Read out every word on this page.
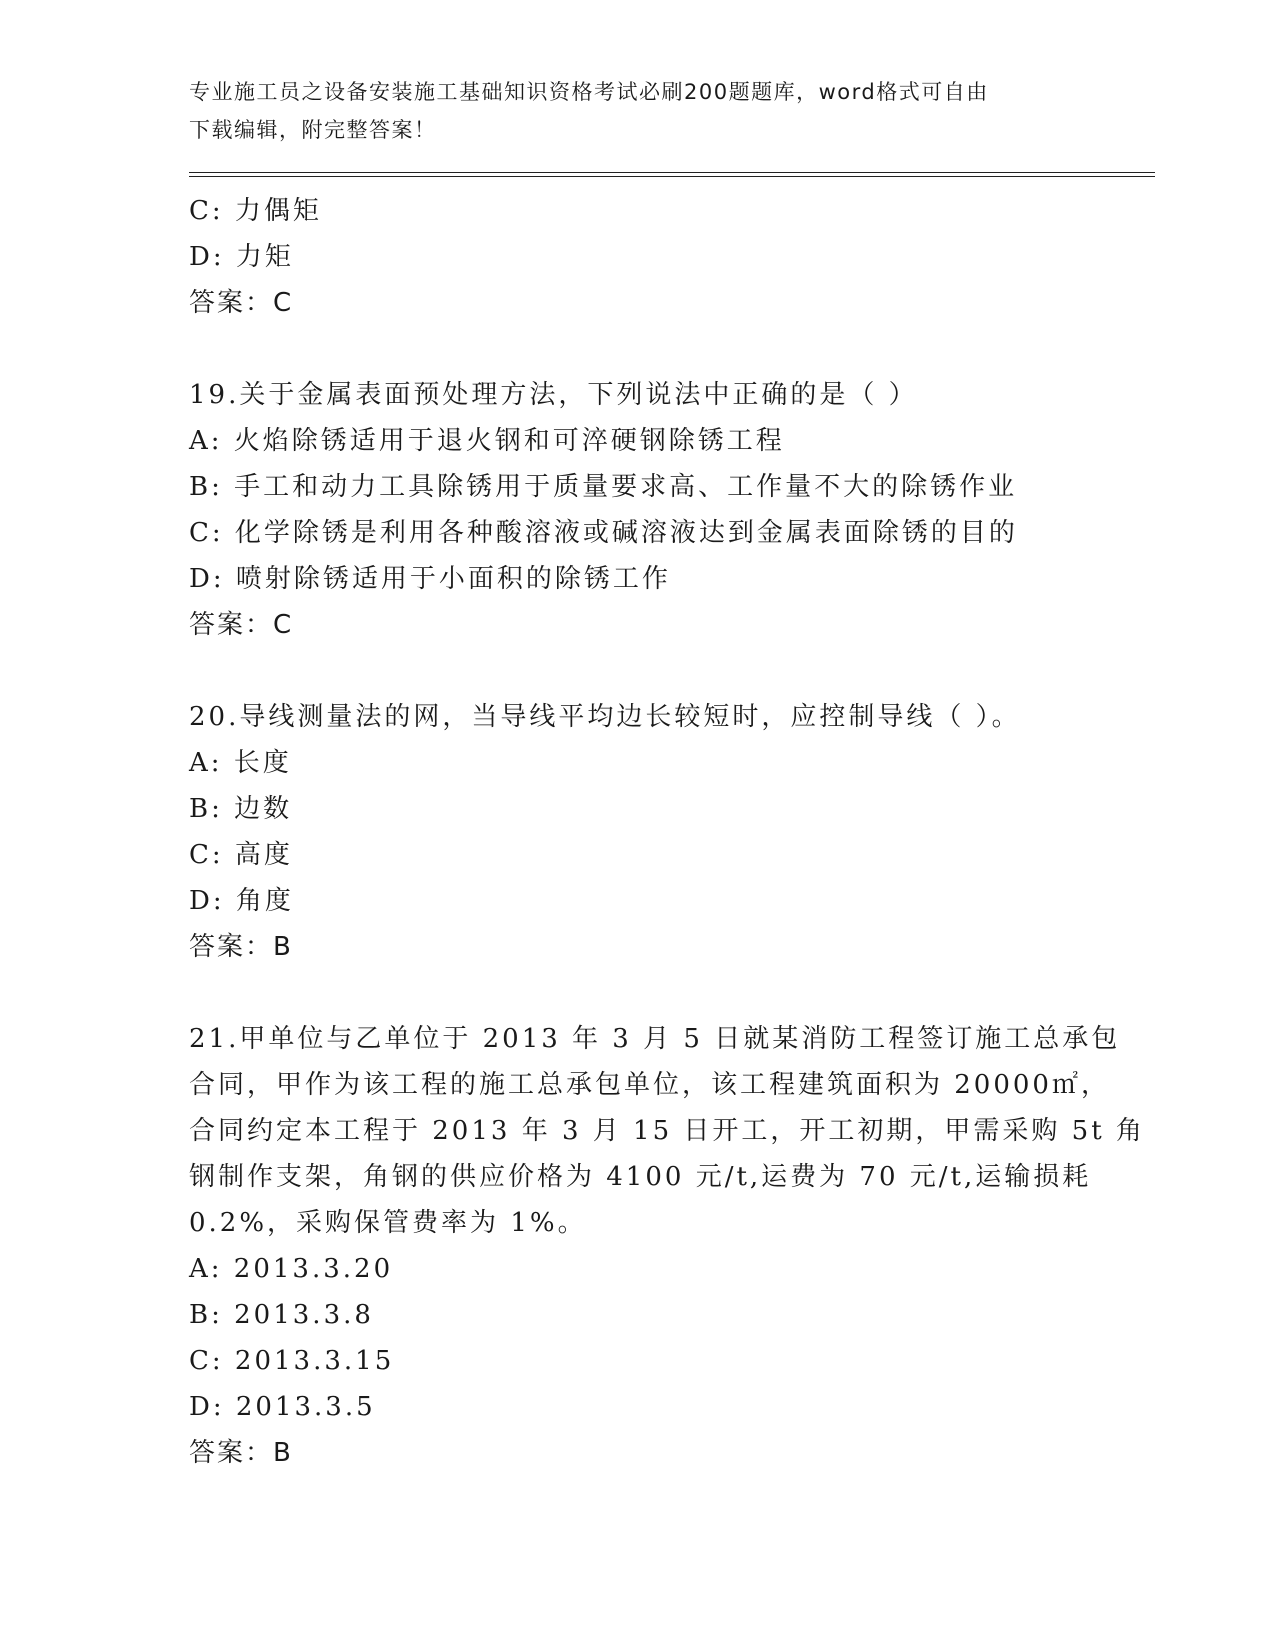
专业施工员之设备安装施工基础知识资格考试必刷200题题库，word格式可自由
下载编辑，附完整答案！
C: 力偶矩
D: 力矩
答案：C
19.关于金属表面预处理方法，下列说法中正确的是（ ）
A: 火焰除锈适用于退火钢和可淬硬钢除锈工程
B: 手工和动力工具除锈用于质量要求高、工作量不大的除锈作业
C: 化学除锈是利用各种酸溶液或碱溶液达到金属表面除锈的目的
D: 喷射除锈适用于小面积的除锈工作
答案：C
20.导线测量法的网，当导线平均边长较短时，应控制导线（ ）。
A: 长度
B: 边数
C: 高度
D: 角度
答案：B
21.甲单位与乙单位于 2013 年 3 月 5 日就某消防工程签订施工总承包
合同，甲作为该工程的施工总承包单位，该工程建筑面积为 20000㎡，
合同约定本工程于 2013 年 3 月 15 日开工，开工初期，甲需采购 5t 角
钢制作支架，角钢的供应价格为 4100 元/t,运费为 70 元/t,运输损耗
0.2%，采购保管费率为 1%。
A: 2013.3.20
B: 2013.3.8
C: 2013.3.15
D: 2013.3.5
答案：B
